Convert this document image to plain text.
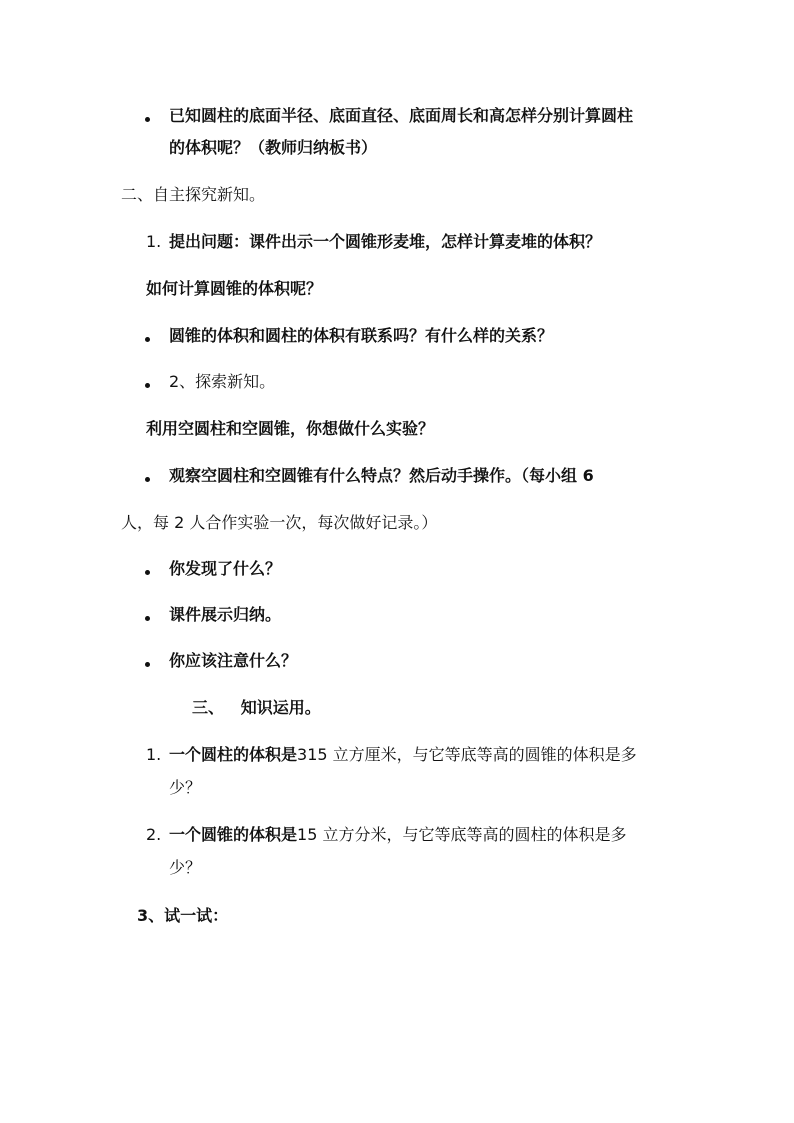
已知圆柱的底面半径、底面直径、底面周长和高怎样分别计算圆柱
的体积呢？（教师归纳板书）
二、自主探究新知。
1. 提出问题：课件出示一个圆锥形麦堆，怎样计算麦堆的体积？
如何计算圆锥的体积呢？
圆锥的体积和圆柱的体积有联系吗？有什么样的关系？
2、探索新知。
利用空圆柱和空圆锥，你想做什么实验？
观察空圆柱和空圆锥有什么特点？然后动手操作。（每小组 6
人，每 2 人合作实验一次，每次做好记录。）
你发现了什么？
课件展示归纳。
你应该注意什么？
三、   知识运用。
1. 一个圆柱的体积是315 立方厘米，与它等底等高的圆锥的体积是多
少？
2. 一个圆锥的体积是15 立方分米，与它等底等高的圆柱的体积是多
少？
3、试一试：
